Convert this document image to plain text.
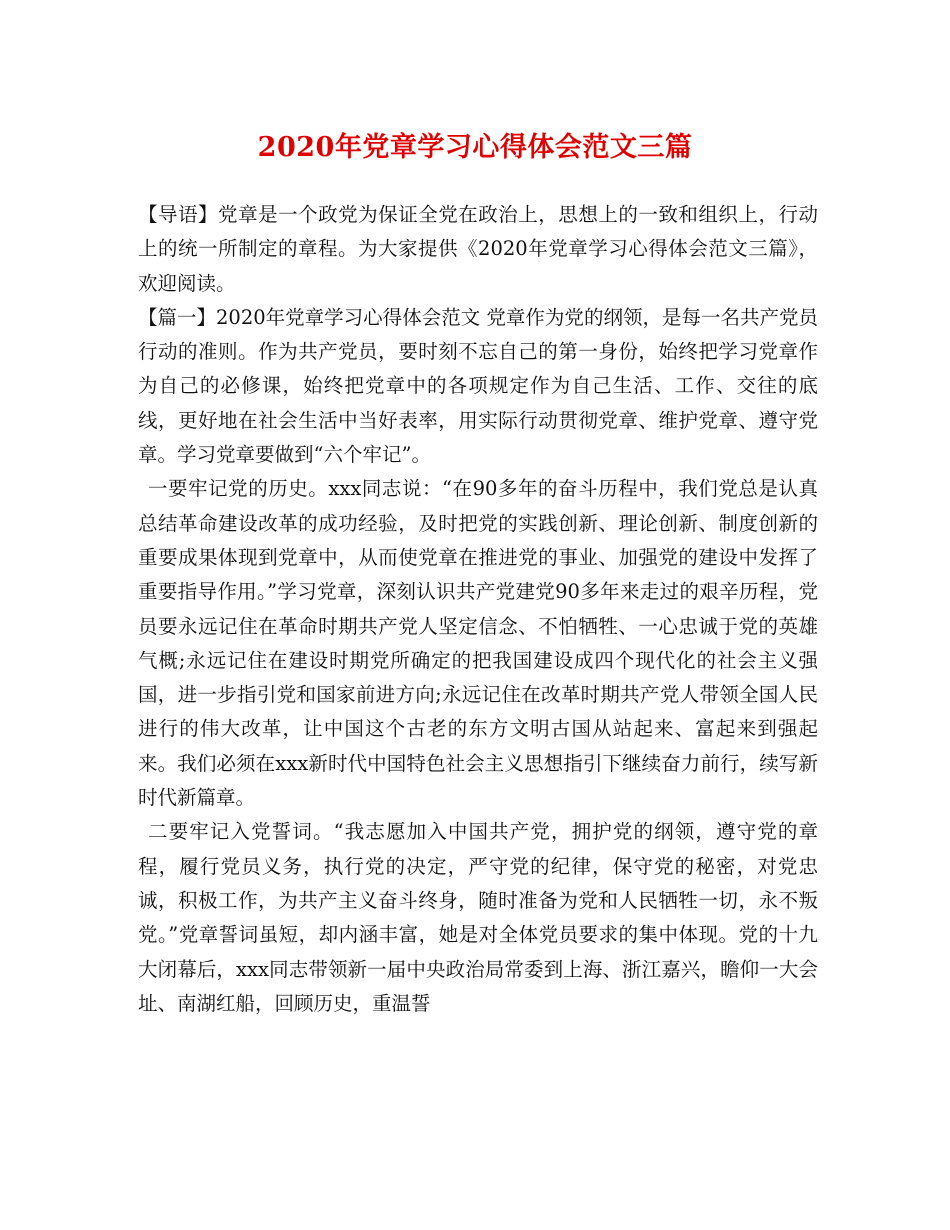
2020年党章学习心得体会范文三篇

【导语】党章是一个政党为保证全党在政治上，思想上的一致和组织上，行动上的统一所制定的章程。为大家提供《2020年党章学习心得体会范文三篇》，欢迎阅读。

【篇一】2020年党章学习心得体会范文 党章作为党的纲领，是每一名共产党员行动的准则。作为共产党员，要时刻不忘自己的第一身份，始终把学习党章作为自己的必修课，始终把党章中的各项规定作为自己生活、工作、交往的底线，更好地在社会生活中当好表率，用实际行动贯彻党章、维护党章、遵守党章。学习党章要做到“六个牢记”。

一要牢记党的历史。xxx同志说：“在90多年的奋斗历程中，我们党总是认真总结革命建设改革的成功经验，及时把党的实践创新、理论创新、制度创新的重要成果体现到党章中，从而使党章在推进党的事业、加强党的建设中发挥了重要指导作用。”学习党章，深刻认识共产党建党90多年来走过的艰辛历程，党员要永远记住在革命时期共产党人坚定信念、不怕牺牲、一心忠诚于党的英雄气概;永远记住在建设时期党所确定的把我国建设成四个现代化的社会主义强国，进一步指引党和国家前进方向;永远记住在改革时期共产党人带领全国人民进行的伟大改革，让中国这个古老的东方文明古国从站起来、富起来到强起来。我们必须在xxx新时代中国特色社会主义思想指引下继续奋力前行，续写新时代新篇章。

二要牢记入党誓词。“我志愿加入中国共产党，拥护党的纲领，遵守党的章程，履行党员义务，执行党的决定，严守党的纪律，保守党的秘密，对党忠诚，积极工作，为共产主义奋斗终身，随时准备为党和人民牺牲一切，永不叛党。”党章誓词虽短，却内涵丰富，她是对全体党员要求的集中体现。党的十九大闭幕后，xxx同志带领新一届中央政治局常委到上海、浙江嘉兴，瞻仰一大会址、南湖红船，回顾历史，重温誓
